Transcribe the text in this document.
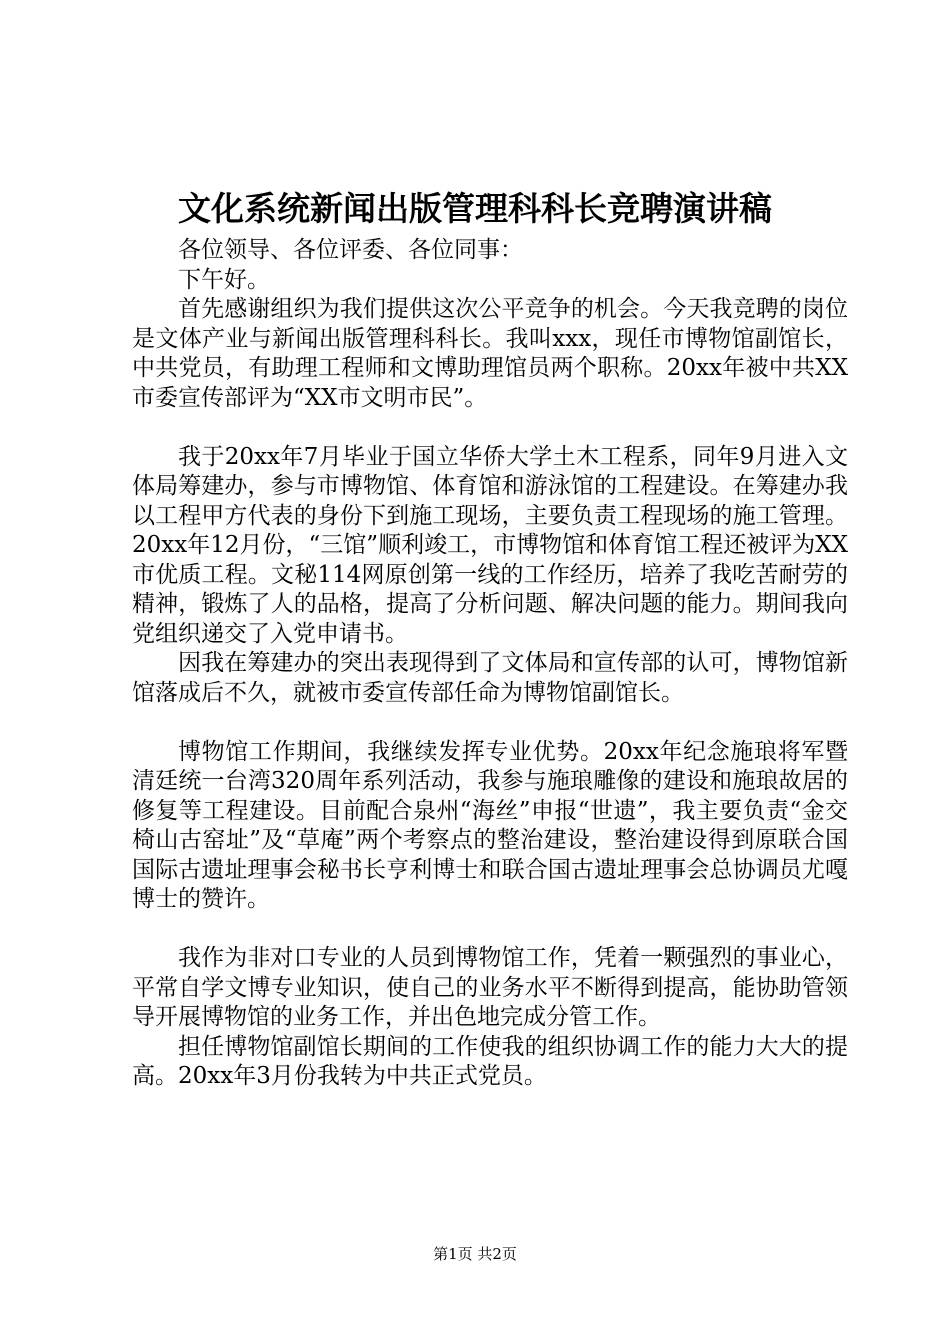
文化系统新闻出版管理科科长竞聘演讲稿

各位领导、各位评委、各位同事：

下午好。

首先感谢组织为我们提供这次公平竞争的机会。今天我竞聘的岗位是文体产业与新闻出版管理科科长。我叫xxx，现任市博物馆副馆长，中共党员，有助理工程师和文博助理馆员两个职称。20xx年被中共XX市委宣传部评为“XX市文明市民”。

我于20xx年7月毕业于国立华侨大学土木工程系，同年9月进入文体局筹建办，参与市博物馆、体育馆和游泳馆的工程建设。在筹建办我以工程甲方代表的身份下到施工现场，主要负责工程现场的施工管理。20xx年12月份，“三馆”顺利竣工，市博物馆和体育馆工程还被评为XX市优质工程。文秘114网原创第一线的工作经历，培养了我吃苦耐劳的精神，锻炼了人的品格，提高了分析问题、解决问题的能力。期间我向党组织递交了入党申请书。

因我在筹建办的突出表现得到了文体局和宣传部的认可，博物馆新馆落成后不久，就被市委宣传部任命为博物馆副馆长。

博物馆工作期间，我继续发挥专业优势。20xx年纪念施琅将军暨清廷统一台湾320周年系列活动，我参与施琅雕像的建设和施琅故居的修复等工程建设。目前配合泉州“海丝”申报“世遗”，我主要负责“金交椅山古窑址”及“草庵”两个考察点的整治建设，整治建设得到原联合国国际古遗址理事会秘书长亨利博士和联合国古遗址理事会总协调员尤嘎博士的赞许。

我作为非对口专业的人员到博物馆工作，凭着一颗强烈的事业心，平常自学文博专业知识，使自己的业务水平不断得到提高，能协助管领导开展博物馆的业务工作，并出色地完成分管工作。

担任博物馆副馆长期间的工作使我的组织协调工作的能力大大的提高。20xx年3月份我转为中共正式党员。

第1页 共2页
